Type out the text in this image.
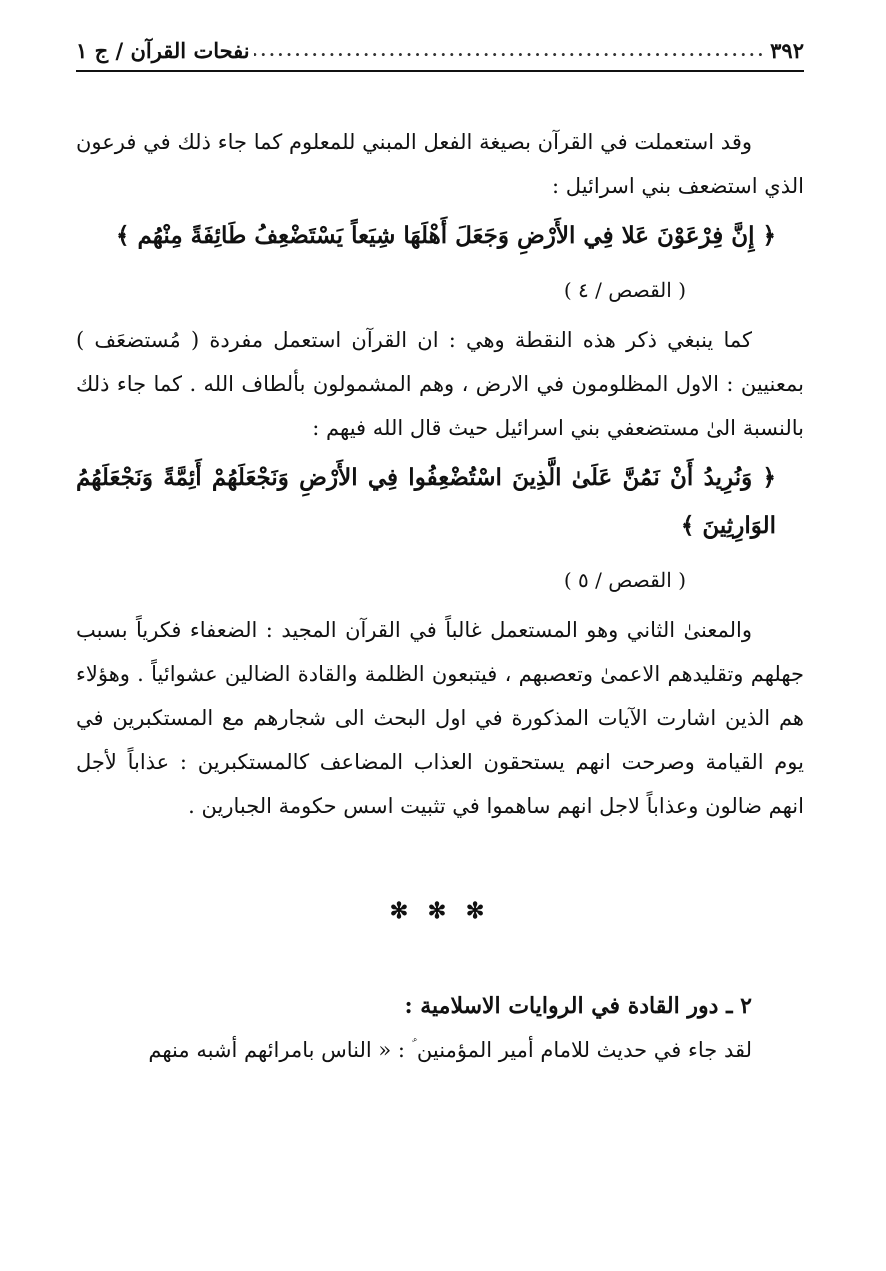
٣٩٢
.....
نفحات القرآن / ج ١

وقد استعملت في القرآن بصيغة الفعل المبني للمعلوم كما جاء ذلك في فرعون الذي استضعف بني اسرائيل :

﴿ إِنَّ فِرْعَوْنَ عَلا فِي الأَرْضِ وَجَعَلَ أَهْلَهَا شِيَعاً يَسْتَضْعِفُ طَائِفَةً مِنْهُم ﴾

( القصص / ٤ )

كما ينبغي ذكر هذه النقطة وهي : ان القرآن استعمل مفردة ( مُستضعَف ) بمعنيين : الاول المظلومون في الارض ، وهم المشمولون بألطاف الله . كما جاء ذلك بالنسبة الىٰ مستضعفي بني اسرائيل حيث قال الله فيهم :

﴿ وَنُرِيدُ أَنْ نَمُنَّ عَلَىٰ الَّذِينَ اسْتُضْعِفُوا فِي الأَرْضِ وَنَجْعَلَهُمْ أَئِمَّةً وَنَجْعَلَهُمُ الوَارِثِينَ ﴾

( القصص / ٥ )

والمعنىٰ الثاني وهو المستعمل غالباً في القرآن المجيد : الضعفاء فكرياً بسبب جهلهم وتقليدهم الاعمىٰ وتعصبهم ، فيتبعون الظلمة والقادة الضالين عشوائياً . وهؤلاء هم الذين اشارت الآيات المذكورة في اول البحث الى شجارهم مع المستكبرين في يوم القيامة وصرحت انهم يستحقون العذاب المضاعف كالمستكبرين : عذاباً لأجل انهم ضالون وعذاباً لاجل انهم ساهموا في تثبيت اسس حكومة الجبارين .

✻ ✻ ✻

٢ ـ دور القادة في الروايات الاسلامية :

لقد جاء في حديث للامام أمير المؤمنين ؑ : « الناس بامرائهم أشبه منهم
